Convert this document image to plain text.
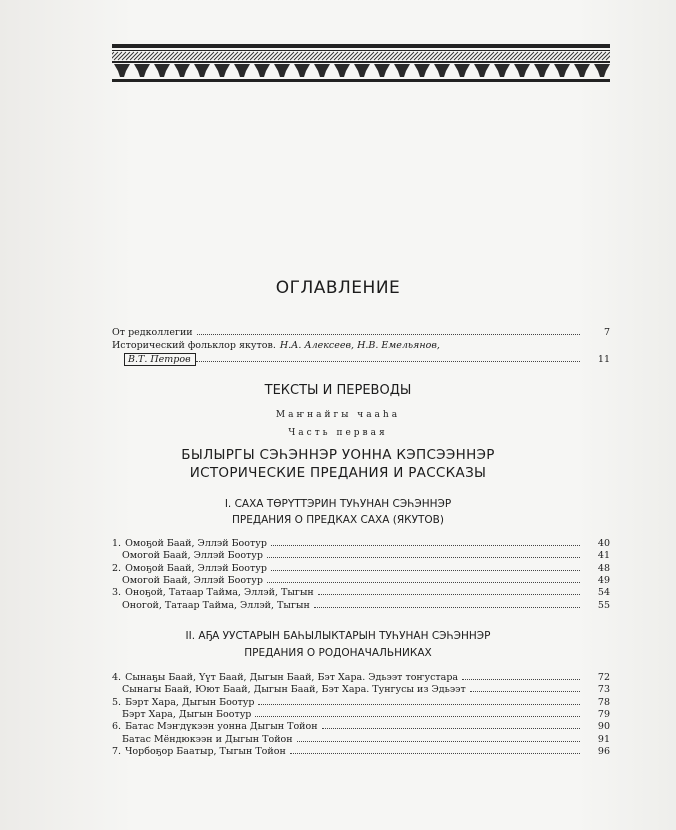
ОГЛАВЛЕНИЕ
От редколлегии	7
Исторический фольклор якутов. Н.А. Алексеев, Н.В. Емельянов,
В.Т. Петров	11
ТЕКСТЫ И ПЕРЕВОДЫ
Маҥнайгы чааһа
Часть первая
БЫЛЫРГЫ СЭҺЭННЭР УОННА КЭПСЭЭННЭР
ИСТОРИЧЕСКИЕ ПРЕДАНИЯ И РАССКАЗЫ
I. САХА ТӨРҮТТЭРИН ТУҺУНАН СЭҺЭННЭР
ПРЕДАНИЯ О ПРЕДКАХ САХА (ЯКУТОВ)
1. Омоҕой Баай, Эллэй Боотур	40
Омогой Баай, Эллэй Боотур	41
2. Омоҕой Баай, Эллэй Боотур	48
Омогой Баай, Эллэй Боотур	49
3. Оноҕой, Татаар Тайма, Эллэй, Тыгын	54
Оногой, Татаар Тайма, Эллэй, Тыгын	55
II. АҔА УУСТАРЫН БАҺЫЛЫКТАРЫН ТУҺУНАН СЭҺЭННЭР
ПРЕДАНИЯ О РОДОНАЧАЛЬНИКАХ
4. Сынаҕы Баай, Үүт Баай, Дыгын Баай, Бэт Хара. Эдьээт тоҥустара	72
Сынагы Баай, Юют Баай, Дыгын Баай, Бэт Хара. Тунгусы из Эдьээт	73
5. Бэрт Хара, Дыгын Боотур	78
Бэрт Хара, Дыгын Боотур	79
6. Батас Мэҥдүкээн уонна Дыгын Тойон	90
Батас Мёндюкээн и Дыгын Тойон	91
7. Чорбоҕор Баатыр, Тыгын Тойон	96
